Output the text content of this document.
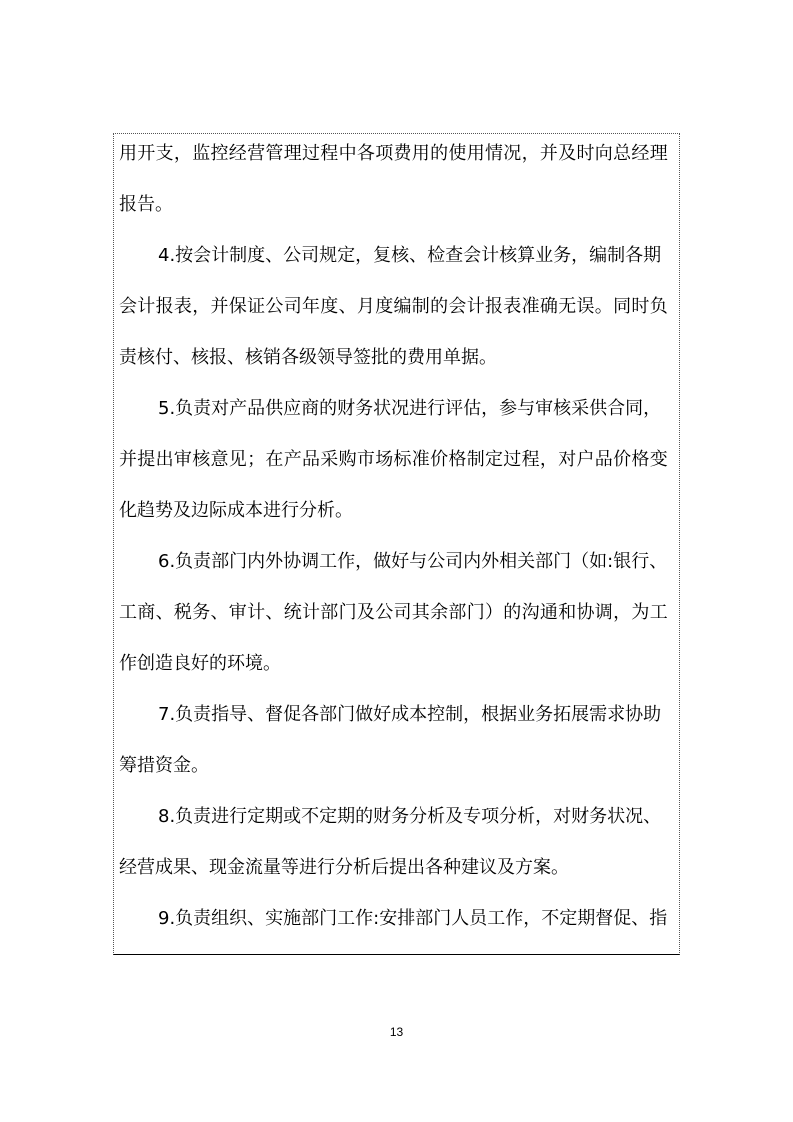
用开支，监控经营管理过程中各项费用的使用情况，并及时向总经理
报告。
4.按会计制度、公司规定，复核、检查会计核算业务，编制各期
会计报表，并保证公司年度、月度编制的会计报表准确无误。同时负
责核付、核报、核销各级领导签批的费用单据。
5.负责对产品供应商的财务状况进行评估，参与审核采供合同，
并提出审核意见；在产品采购市场标准价格制定过程，对户品价格变
化趋势及边际成本进行分析。
6.负责部门内外协调工作，做好与公司内外相关部门（如:银行、
工商、税务、审计、统计部门及公司其余部门）的沟通和协调，为工
作创造良好的环境。
7.负责指导、督促各部门做好成本控制，根据业务拓展需求协助
筹措资金。
8.负责进行定期或不定期的财务分析及专项分析，对财务状况、
经营成果、现金流量等进行分析后提出各种建议及方案。
9.负责组织、实施部门工作:安排部门人员工作，不定期督促、指
13
